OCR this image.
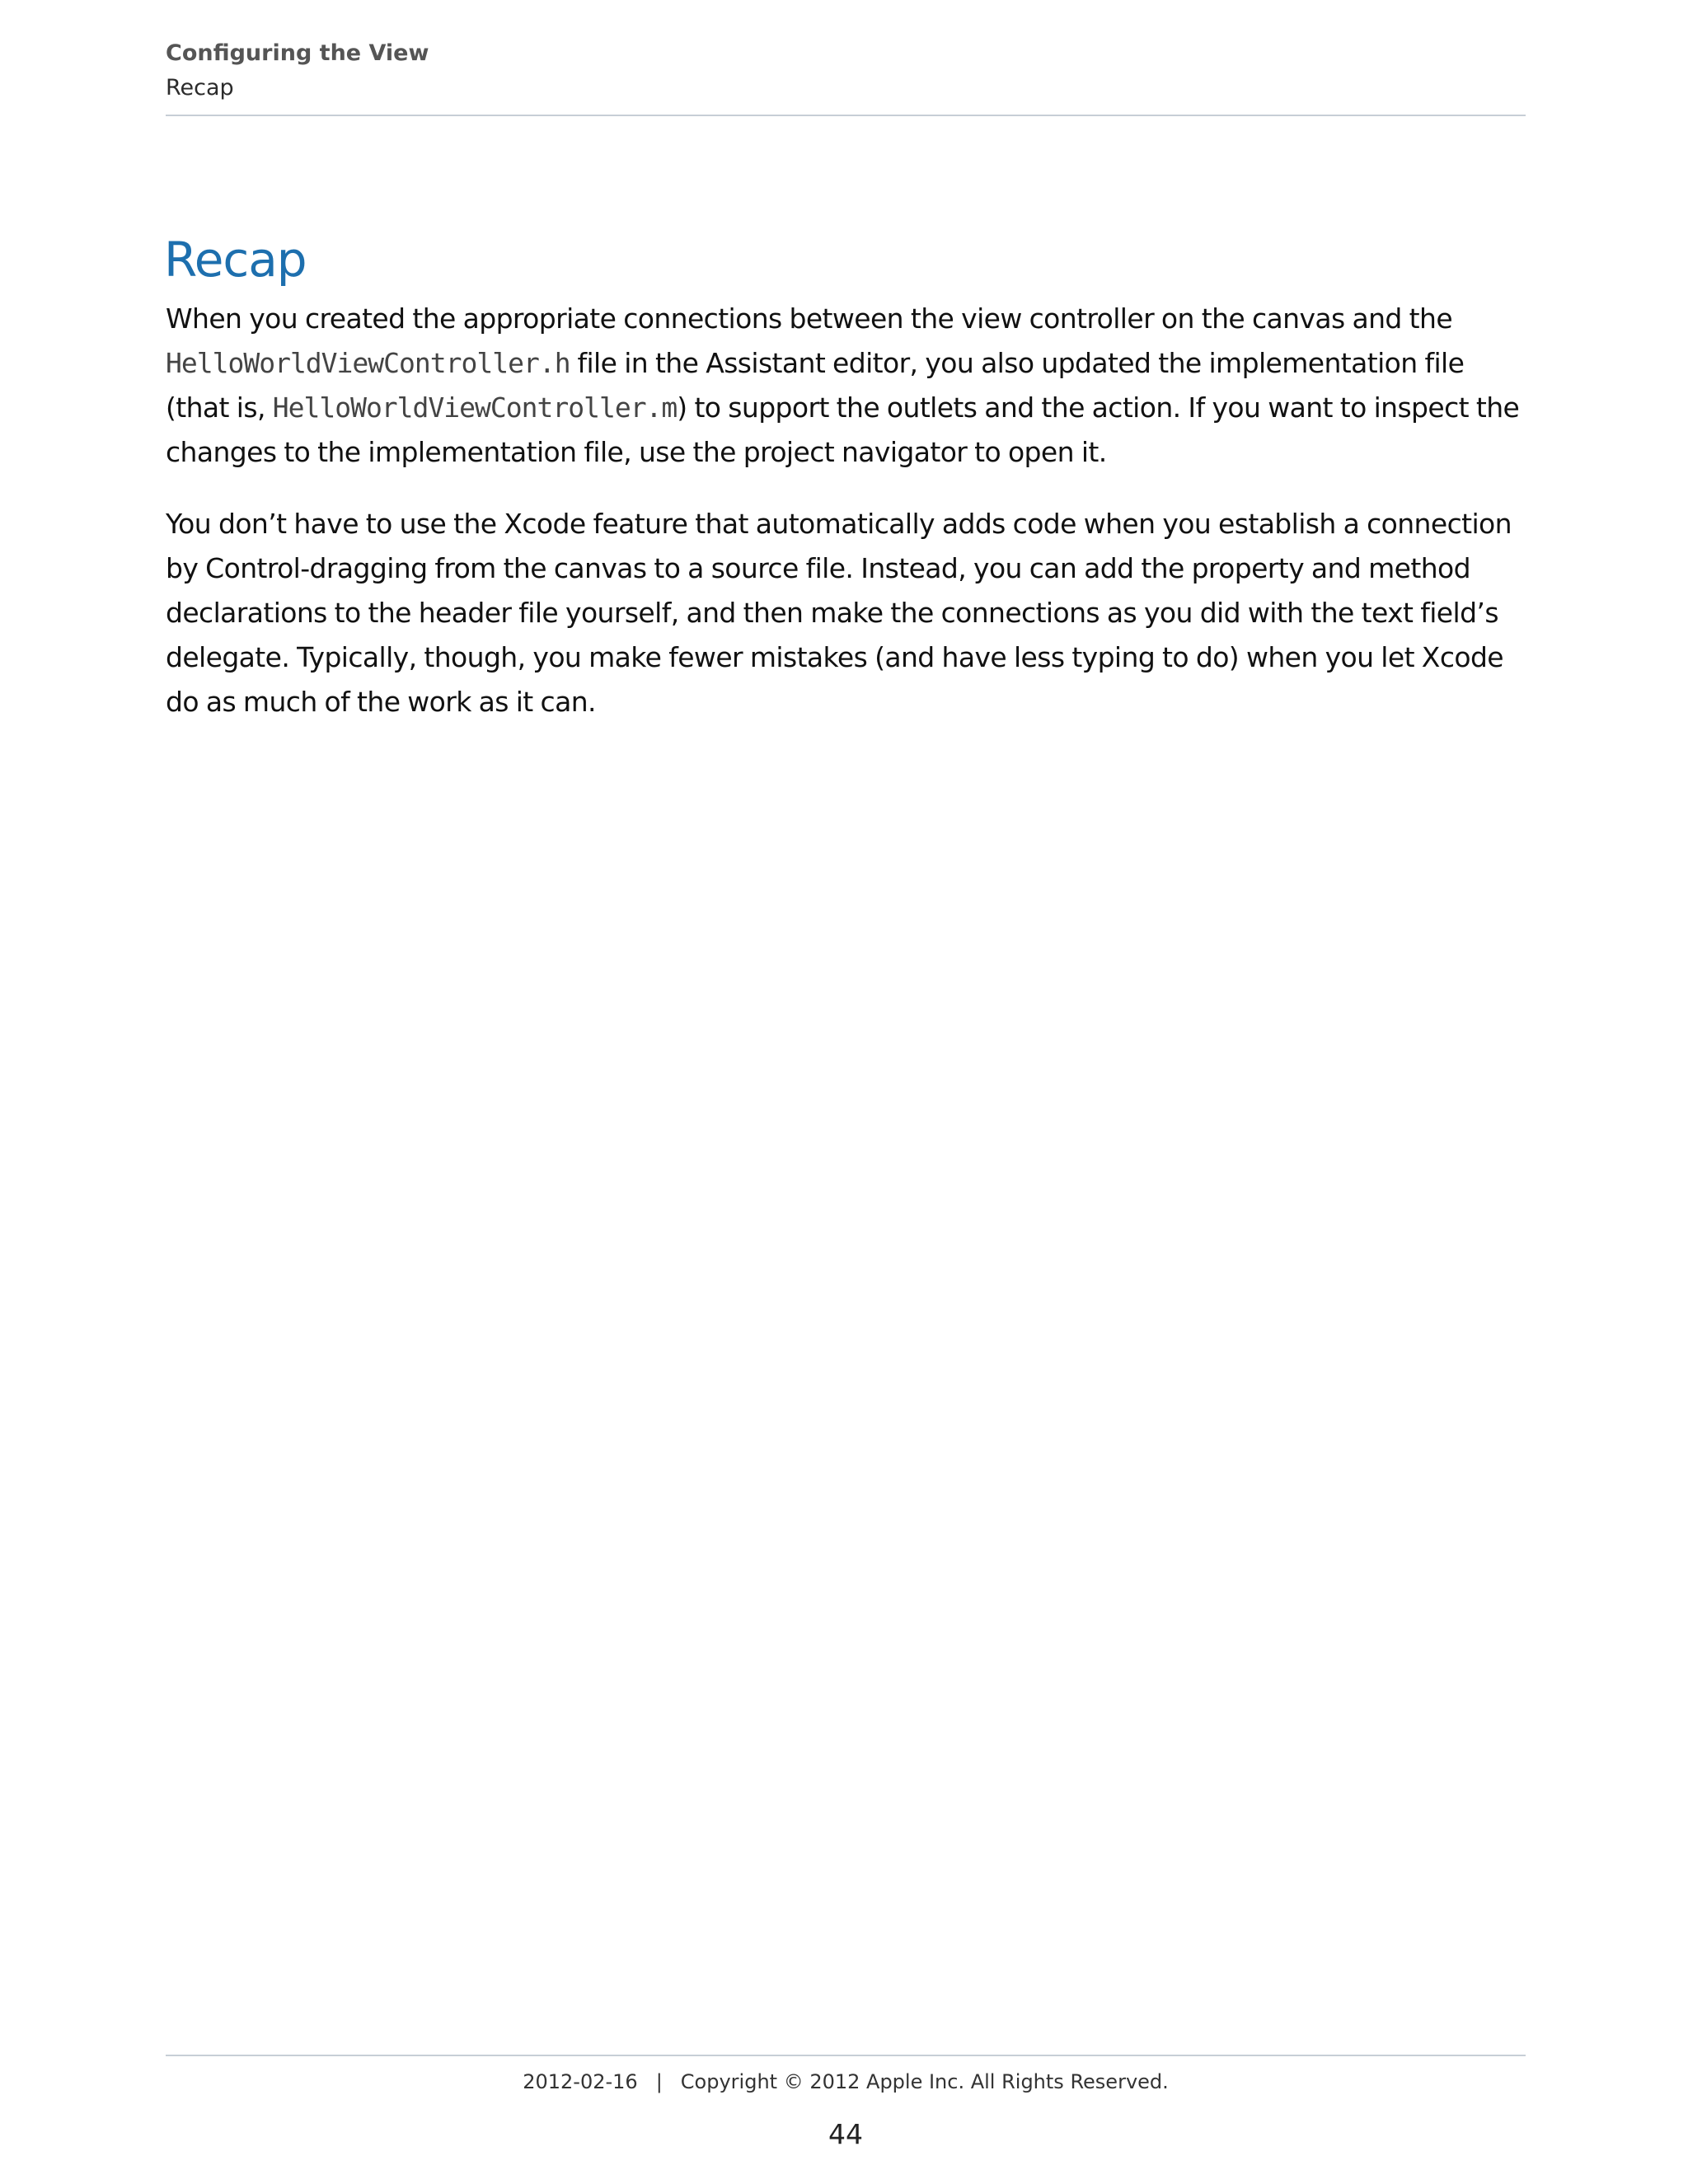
Configuring the View
Recap
Recap

When you created the appropriate connections between the view controller on the canvas and the HelloWorldViewController.h file in the Assistant editor, you also updated the implementation file (that is, HelloWorldViewController.m) to support the outlets and the action. If you want to inspect the changes to the implementation file, use the project navigator to open it.

You don’t have to use the Xcode feature that automatically adds code when you establish a connection by Control-dragging from the canvas to a source file. Instead, you can add the property and method declarations to the header file yourself, and then make the connections as you did with the text field’s delegate. Typically, though, you make fewer mistakes (and have less typing to do) when you let Xcode do as much of the work as it can.

2012-02-16 | Copyright © 2012 Apple Inc. All Rights Reserved.
44
